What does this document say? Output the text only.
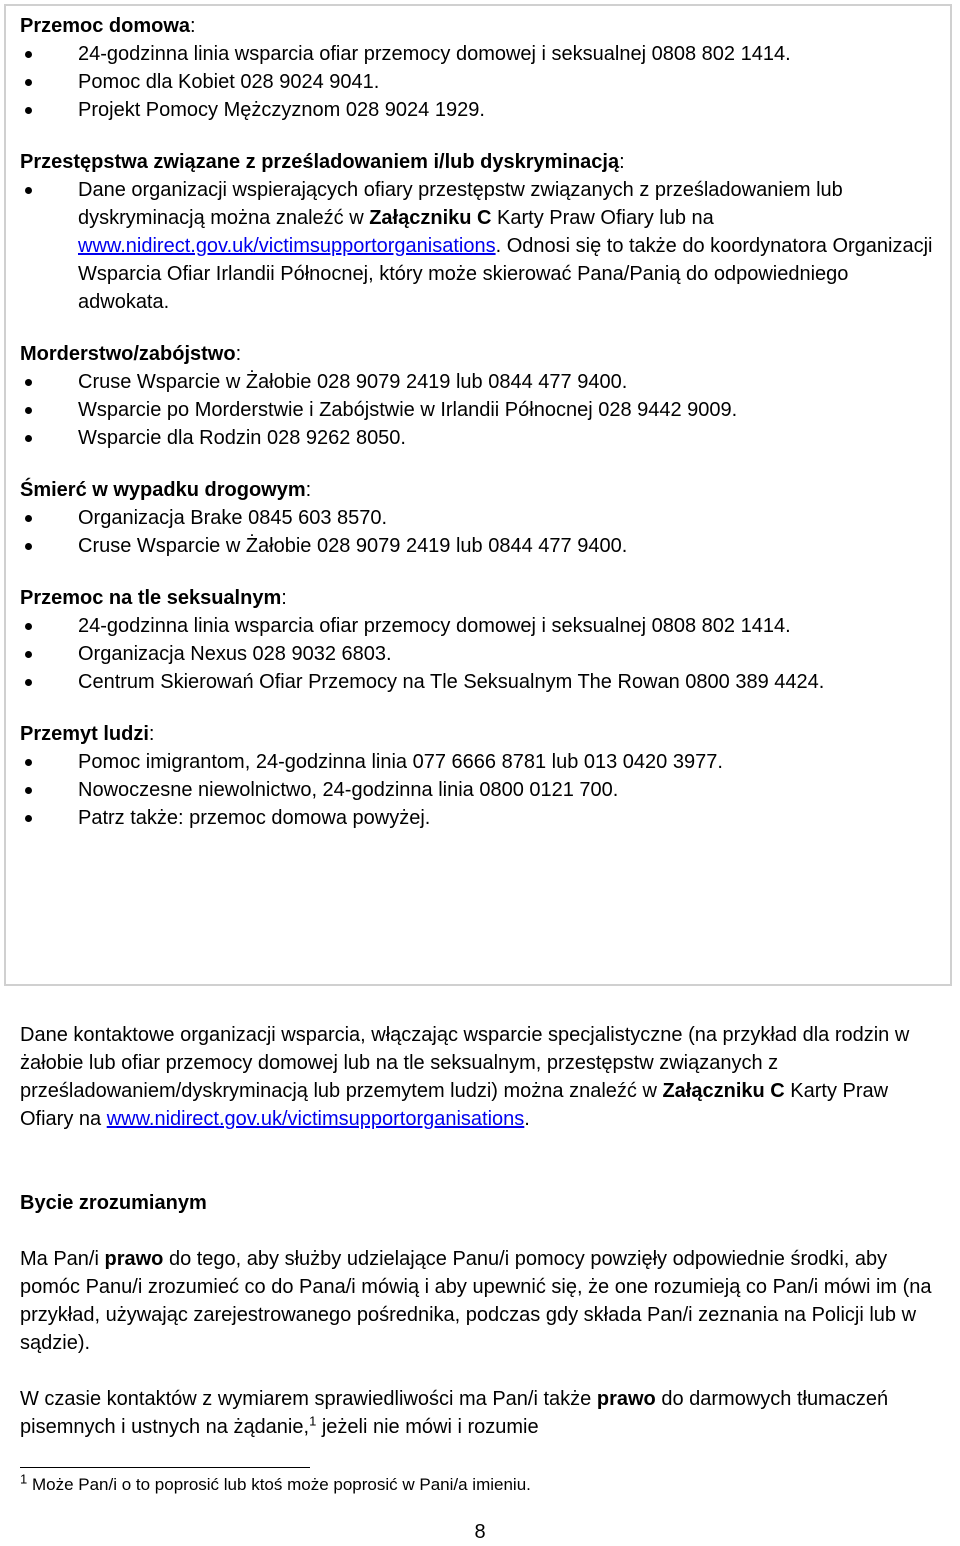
Przemoc domowa:

24-godzinna linia wsparcia ofiar przemocy domowej i seksualnej 0808 802 1414.
Pomoc dla Kobiet 028 9024 9041.
Projekt Pomocy Mężczyznom 028 9024 1929.

Przestępstwa związane z prześladowaniem i/lub dyskryminacją:

Dane organizacji wspierających ofiary przestępstw związanych z prześladowaniem lub dyskryminacją można znaleźć w Załączniku C Karty Praw Ofiary lub na www.nidirect.gov.uk/victimsupportorganisations. Odnosi się to także do koordynatora Organizacji Wsparcia Ofiar Irlandii Północnej, który może skierować Pana/Panią do odpowiedniego adwokata.

Morderstwo/zabójstwo:

Cruse Wsparcie w Żałobie 028 9079 2419 lub 0844 477 9400.
Wsparcie po Morderstwie i Zabójstwie w Irlandii Północnej 028 9442 9009.
Wsparcie dla Rodzin 028 9262 8050.

Śmierć w wypadku drogowym:

Organizacja Brake 0845 603 8570.
Cruse Wsparcie w Żałobie 028 9079 2419 lub 0844 477 9400.

Przemoc na tle seksualnym:

24-godzinna linia wsparcia ofiar przemocy domowej i seksualnej 0808 802 1414.
Organizacja Nexus 028 9032 6803.
Centrum Skierowań Ofiar Przemocy na Tle Seksualnym The Rowan 0800 389 4424.

Przemyt ludzi:

Pomoc imigrantom, 24-godzinna linia 077 6666 8781 lub 013 0420 3977.
Nowoczesne niewolnictwo, 24-godzinna linia 0800 0121 700.
Patrz także: przemoc domowa powyżej.

Dane kontaktowe organizacji wsparcia, włączając wsparcie specjalistyczne (na przykład dla rodzin w żałobie lub ofiar przemocy domowej lub na tle seksualnym, przestępstw związanych z prześladowaniem/dyskryminacją lub przemytem ludzi) można znaleźć w Załączniku C Karty Praw Ofiary na www.nidirect.gov.uk/victimsupportorganisations.

Bycie zrozumianym

Ma Pan/i prawo do tego, aby służby udzielające Panu/i pomocy powzięły odpowiednie środki, aby pomóc Panu/i zrozumieć co do Pana/i mówią i aby upewnić się, że one rozumieją co Pan/i mówi im (na przykład, używając zarejestrowanego pośrednika, podczas gdy składa Pan/i zeznania na Policji lub w sądzie).

W czasie kontaktów z wymiarem sprawiedliwości ma Pan/i także prawo do darmowych tłumaczeń pisemnych i ustnych na żądanie,$^1$ jeżeli nie mówi i rozumie

$^1$ Może Pan/i o to poprosić lub ktoś może poprosić w Pani/a imieniu.
8
